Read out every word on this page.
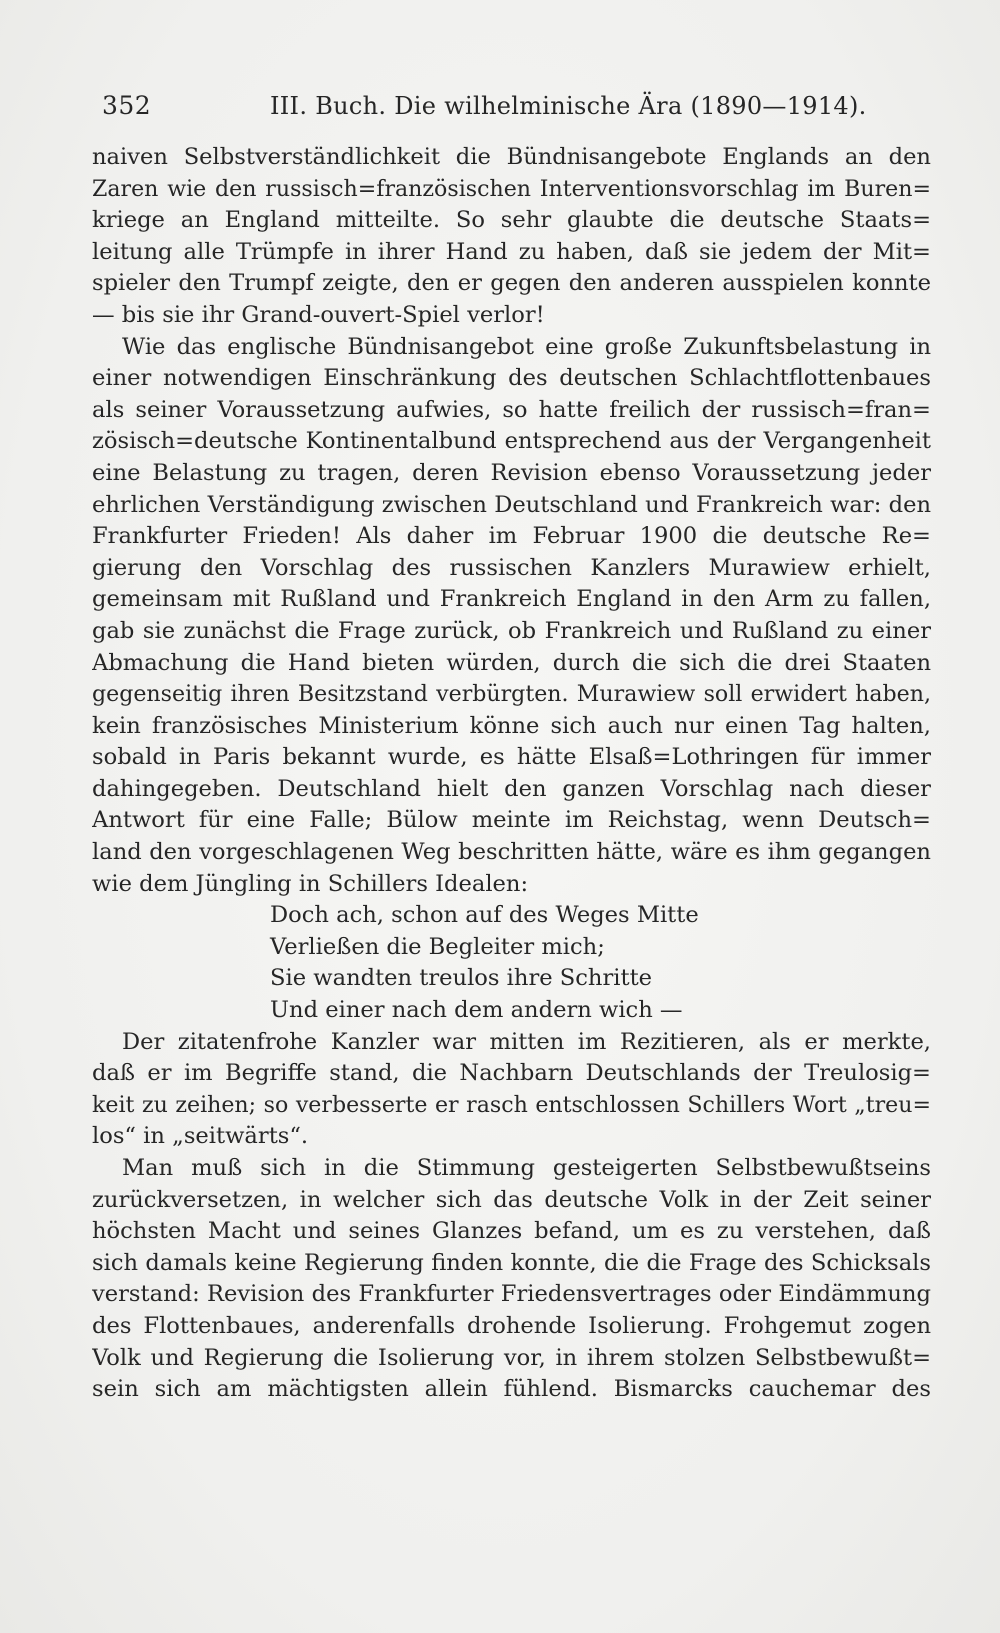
352	III. Buch. Die wilhelminische Ära (1890—1914).
naiven Selbstverständlichkeit die Bündnisangebote Englands an den
Zaren wie den russisch=französischen Interventionsvorschlag im Buren=
kriege an England mitteilte. So sehr glaubte die deutsche Staats=
leitung alle Trümpfe in ihrer Hand zu haben, daß sie jedem der Mit=
spieler den Trumpf zeigte, den er gegen den anderen ausspielen konnte
— bis sie ihr Grand-ouvert-Spiel verlor!
Wie das englische Bündnisangebot eine große Zukunftsbelastung in
einer notwendigen Einschränkung des deutschen Schlachtflottenbaues
als seiner Voraussetzung aufwies, so hatte freilich der russisch=fran=
zösisch=deutsche Kontinentalbund entsprechend aus der Vergangenheit
eine Belastung zu tragen, deren Revision ebenso Voraussetzung jeder
ehrlichen Verständigung zwischen Deutschland und Frankreich war: den
Frankfurter Frieden! Als daher im Februar 1900 die deutsche Re=
gierung den Vorschlag des russischen Kanzlers Murawiew erhielt,
gemeinsam mit Rußland und Frankreich England in den Arm zu fallen,
gab sie zunächst die Frage zurück, ob Frankreich und Rußland zu einer
Abmachung die Hand bieten würden, durch die sich die drei Staaten
gegenseitig ihren Besitzstand verbürgten. Murawiew soll erwidert haben,
kein französisches Ministerium könne sich auch nur einen Tag halten,
sobald in Paris bekannt wurde, es hätte Elsaß=Lothringen für immer
dahingegeben. Deutschland hielt den ganzen Vorschlag nach dieser
Antwort für eine Falle; Bülow meinte im Reichstag, wenn Deutsch=
land den vorgeschlagenen Weg beschritten hätte, wäre es ihm gegangen
wie dem Jüngling in Schillers Idealen:
Doch ach, schon auf des Weges Mitte
Verließen die Begleiter mich;
Sie wandten treulos ihre Schritte
Und einer nach dem andern wich —
Der zitatenfrohe Kanzler war mitten im Rezitieren, als er merkte,
daß er im Begriffe stand, die Nachbarn Deutschlands der Treulosig=
keit zu zeihen; so verbesserte er rasch entschlossen Schillers Wort „treu=
los“ in „seitwärts“.
Man muß sich in die Stimmung gesteigerten Selbstbewußtseins
zurückversetzen, in welcher sich das deutsche Volk in der Zeit seiner
höchsten Macht und seines Glanzes befand, um es zu verstehen, daß
sich damals keine Regierung finden konnte, die die Frage des Schicksals
verstand: Revision des Frankfurter Friedensvertrages oder Eindämmung
des Flottenbaues, anderenfalls drohende Isolierung. Frohgemut zogen
Volk und Regierung die Isolierung vor, in ihrem stolzen Selbstbewußt=
sein sich am mächtigsten allein fühlend. Bismarcks cauchemar des
